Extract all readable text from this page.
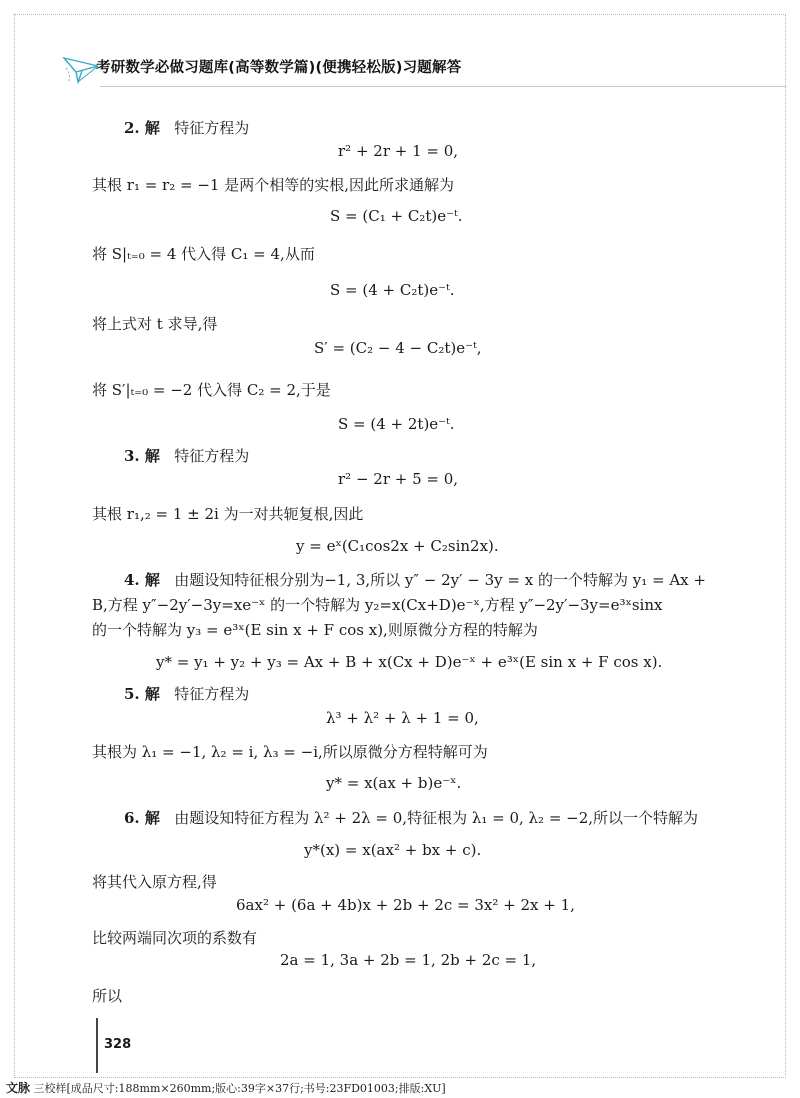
考研数学必做习题库(高等数学篇)(便携轻松版)习题解答
2. 解 特征方程为
r² + 2r + 1 = 0,
其根 r₁ = r₂ = −1 是两个相等的实根,因此所求通解为
S = (C₁ + C₂t)e⁻ᵗ.
将 S|ₜ₌₀ = 4 代入得 C₁ = 4,从而
S = (4 + C₂t)e⁻ᵗ.
将上式对 t 求导,得
S′ = (C₂ − 4 − C₂t)e⁻ᵗ,
将 S′|ₜ₌₀ = −2 代入得 C₂ = 2,于是
S = (4 + 2t)e⁻ᵗ.
3. 解 特征方程为
r² − 2r + 5 = 0,
其根 r₁,₂ = 1 ± 2i 为一对共轭复根,因此
y = eˣ(C₁cos2x + C₂sin2x).
4. 解 由题设知特征根分别为−1, 3,所以 y″ − 2y′ − 3y = x 的一个特解为 y₁ = Ax +
B,方程 y″−2y′−3y=xe⁻ˣ 的一个特解为 y₂=x(Cx+D)e⁻ˣ,方程 y″−2y′−3y=e³ˣsinx
的一个特解为 y₃ = e³ˣ(E sin x + F cos x),则原微分方程的特解为
y* = y₁ + y₂ + y₃ = Ax + B + x(Cx + D)e⁻ˣ + e³ˣ(E sin x + F cos x).
5. 解 特征方程为
λ³ + λ² + λ + 1 = 0,
其根为 λ₁ = −1, λ₂ = i, λ₃ = −i,所以原微分方程特解可为
y* = x(ax + b)e⁻ˣ.
6. 解 由题设知特征方程为 λ² + 2λ = 0,特征根为 λ₁ = 0, λ₂ = −2,所以一个特解为
y*(x) = x(ax² + bx + c).
将其代入原方程,得
6ax² + (6a + 4b)x + 2b + 2c = 3x² + 2x + 1,
比较两端同次项的系数有
2a = 1, 3a + 2b = 1, 2b + 2c = 1,
所以
328
文脉 三校样[成品尺寸:188mm×260mm;版心:39字×37行;书号:23FD01003;排版:XU]
